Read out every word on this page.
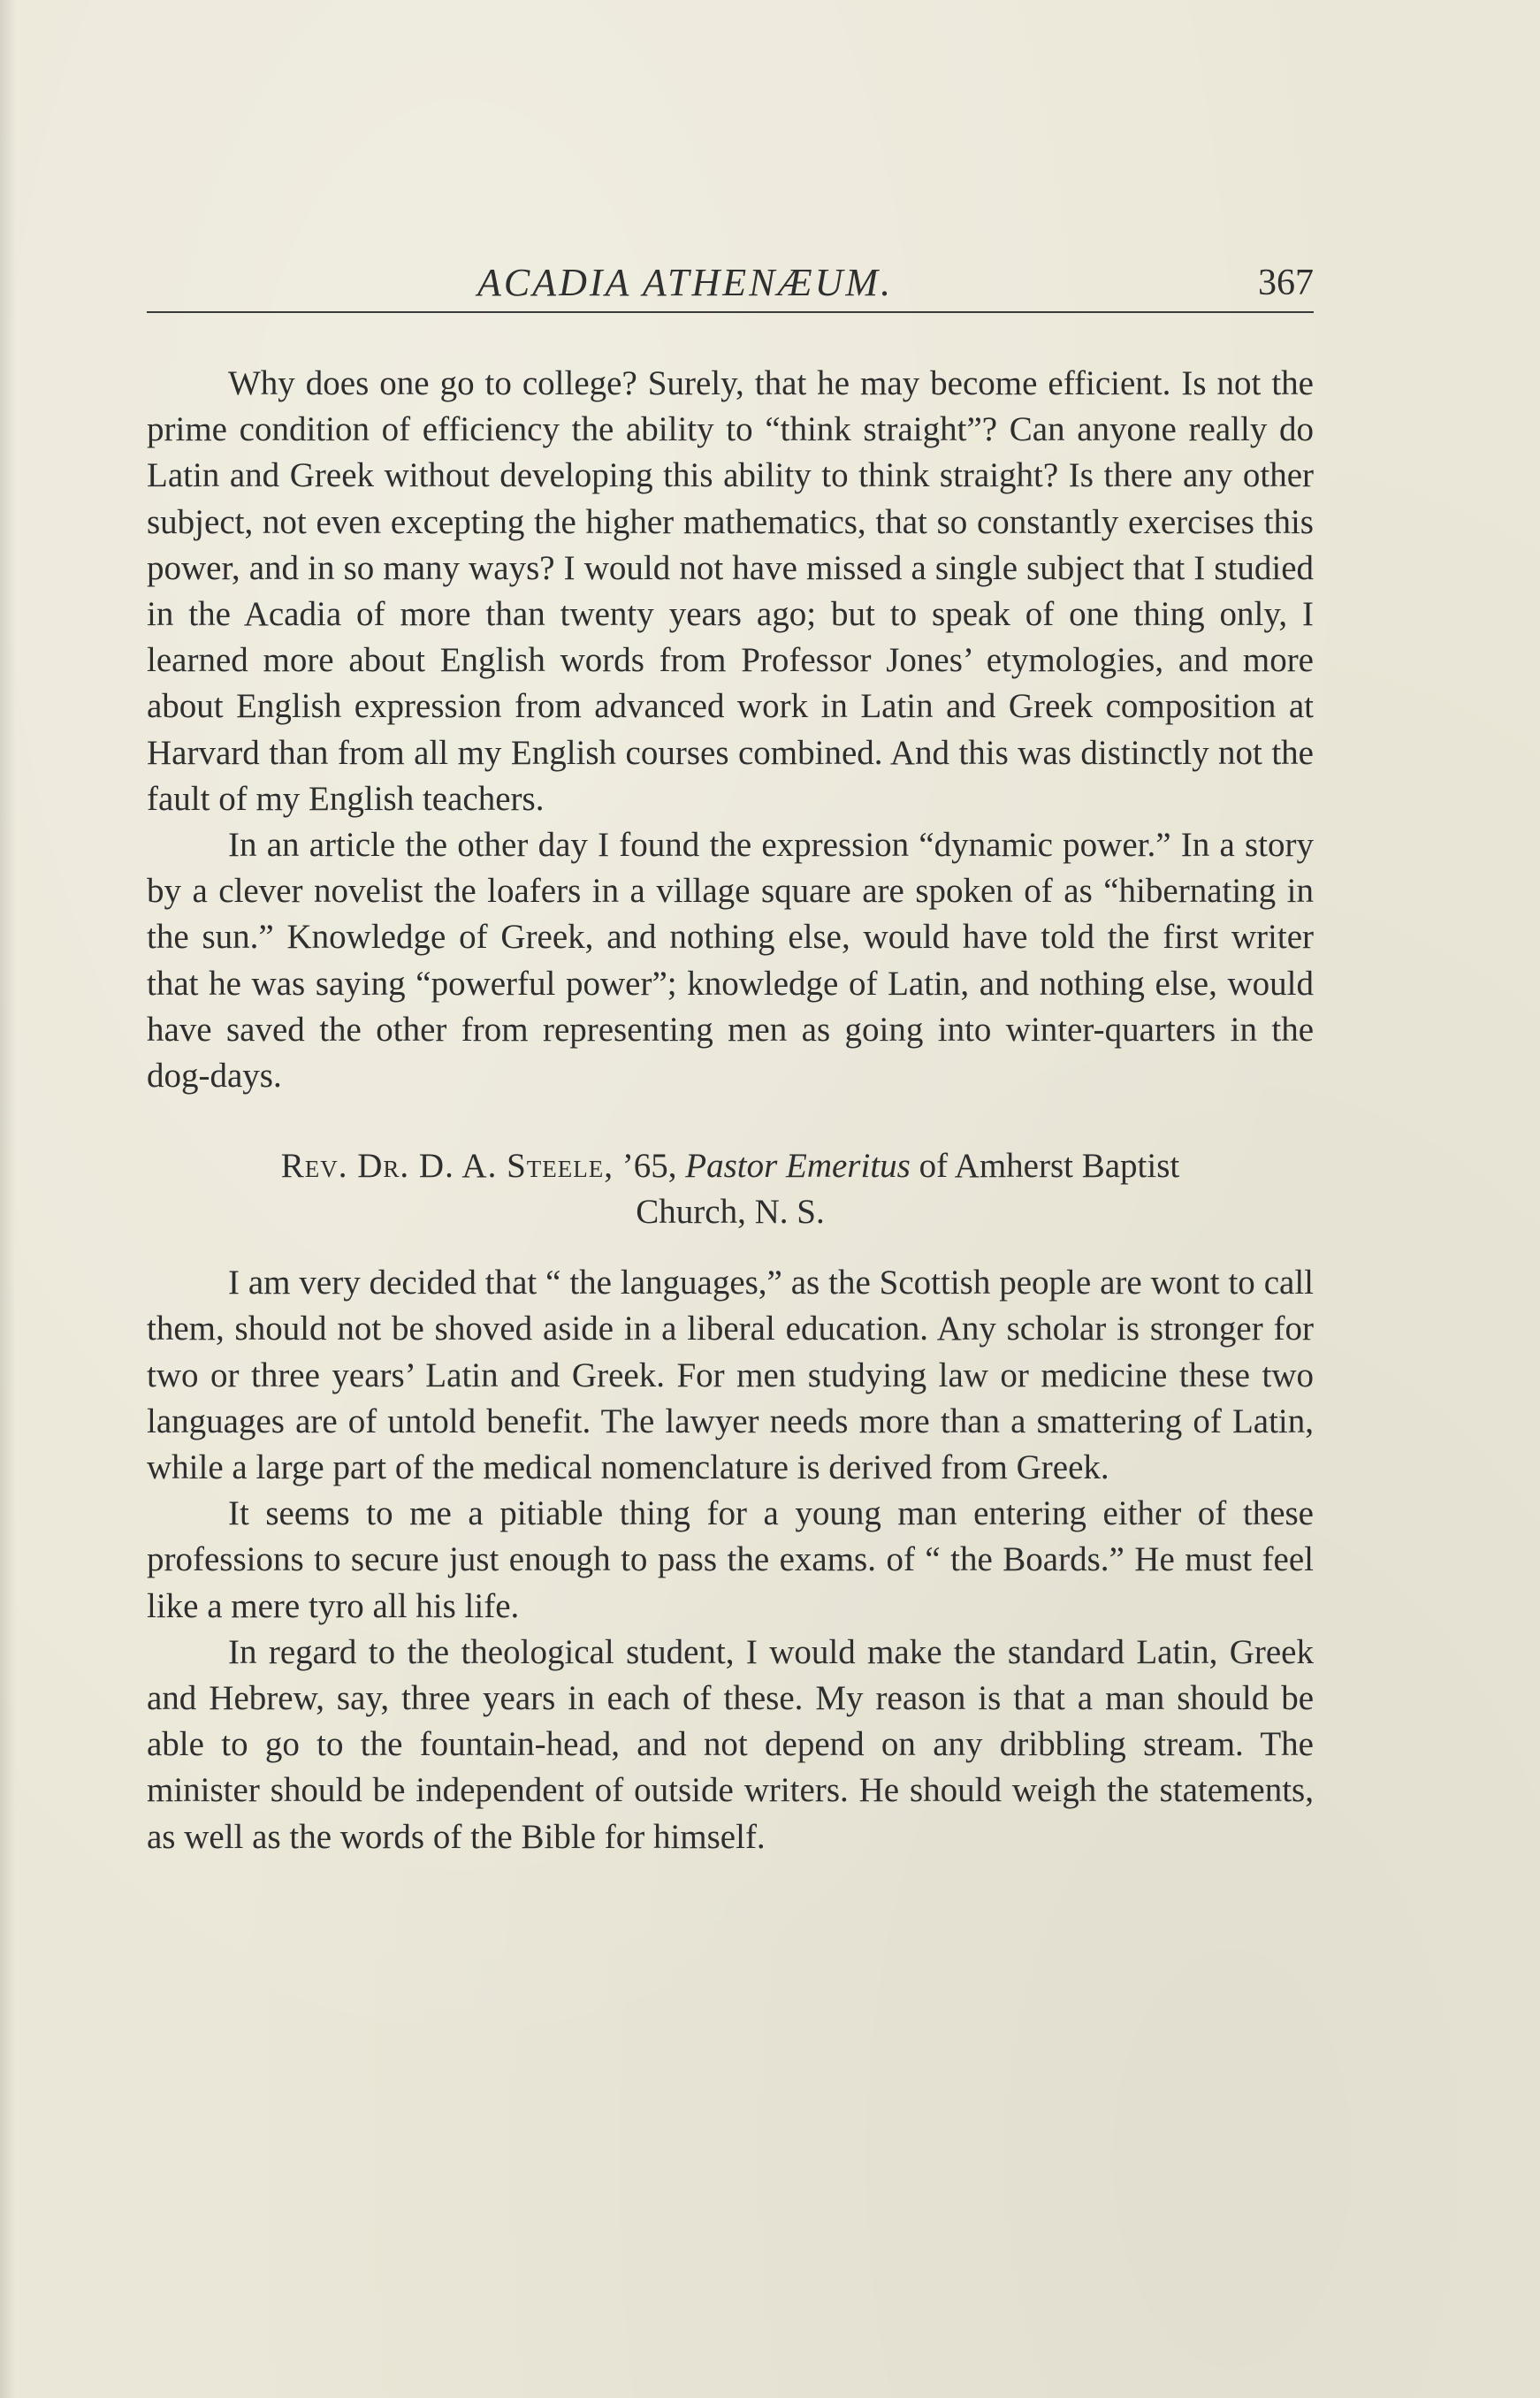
ACADIA ATHENÆUM.	367

Why does one go to college? Surely, that he may become efficient. Is not the prime condition of efficiency the ability to “think straight”? Can anyone really do Latin and Greek without developing this ability to think straight? Is there any other subject, not even excepting the higher mathematics, that so constantly exercises this power, and in so many ways? I would not have missed a single subject that I studied in the Acadia of more than twenty years ago; but to speak of one thing only, I learned more about English words from Professor Jones’ etymologies, and more about English expression from advanced work in Latin and Greek composition at Harvard than from all my English courses combined. And this was distinctly not the fault of my English teachers.

In an article the other day I found the expression “dynamic power.” In a story by a clever novelist the loafers in a village square are spoken of as “hibernating in the sun.” Knowledge of Greek, and nothing else, would have told the first writer that he was saying “powerful power”; knowledge of Latin, and nothing else, would have saved the other from representing men as going into winter-quarters in the dog-days.

Rev. Dr. D. A. Steele, ’65, Pastor Emeritus of Amherst Baptist

Church, N. S.

I am very decided that “ the languages,” as the Scottish people are wont to call them, should not be shoved aside in a liberal education. Any scholar is stronger for two or three years’ Latin and Greek. For men studying law or medicine these two languages are of untold benefit. The lawyer needs more than a smattering of Latin, while a large part of the medical nomenclature is derived from Greek.

It seems to me a pitiable thing for a young man entering either of these professions to secure just enough to pass the exams. of “ the Boards.” He must feel like a mere tyro all his life.

In regard to the theological student, I would make the standard Latin, Greek and Hebrew, say, three years in each of these. My reason is that a man should be able to go to the fountain-head, and not depend on any dribbling stream. The minister should be independent of outside writers. He should weigh the statements, as well as the words of the Bible for himself.
